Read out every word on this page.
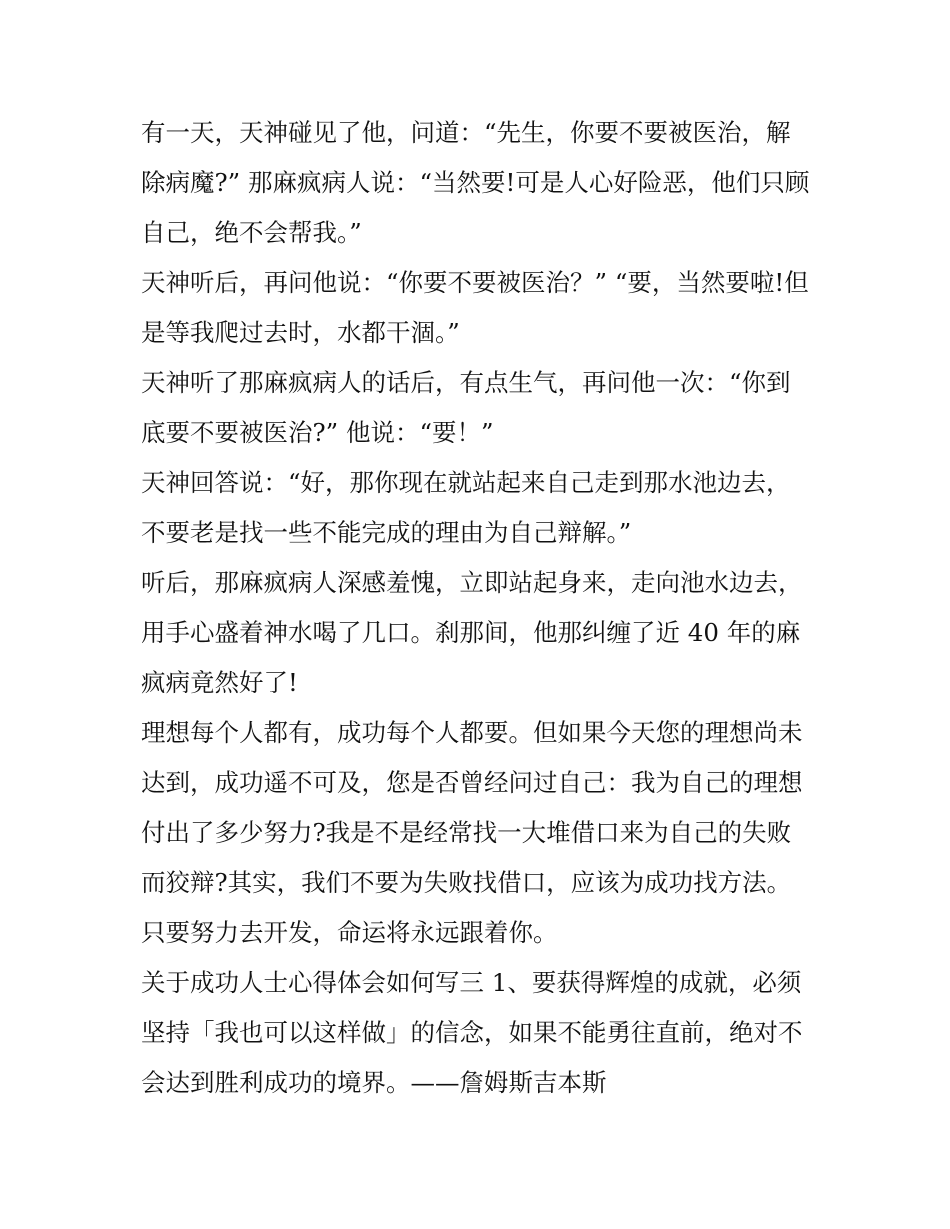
有一天，天神碰见了他，问道：“先生，你要不要被医治，解
除病魔?” 那麻疯病人说：“当然要!可是人心好险恶，他们只顾
自己，绝不会帮我。”
天神听后，再问他说：“你要不要被医治？” “要，当然要啦!但
是等我爬过去时，水都干涸。”
天神听了那麻疯病人的话后，有点生气，再问他一次：“你到
底要不要被医治?” 他说：“要！”
天神回答说：“好，那你现在就站起来自己走到那水池边去，
不要老是找一些不能完成的理由为自己辩解。”
听后，那麻疯病人深感羞愧，立即站起身来，走向池水边去，
用手心盛着神水喝了几口。刹那间，他那纠缠了近 40 年的麻
疯病竟然好了!
理想每个人都有，成功每个人都要。但如果今天您的理想尚未
达到，成功遥不可及，您是否曾经问过自己：我为自己的理想
付出了多少努力?我是不是经常找一大堆借口来为自己的失败
而狡辩?其实，我们不要为失败找借口，应该为成功找方法。
只要努力去开发，命运将永远跟着你。
关于成功人士心得体会如何写三 1、要获得辉煌的成就，必须
坚持「我也可以这样做」的信念，如果不能勇往直前，绝对不
会达到胜利成功的境界。——詹姆斯吉本斯
